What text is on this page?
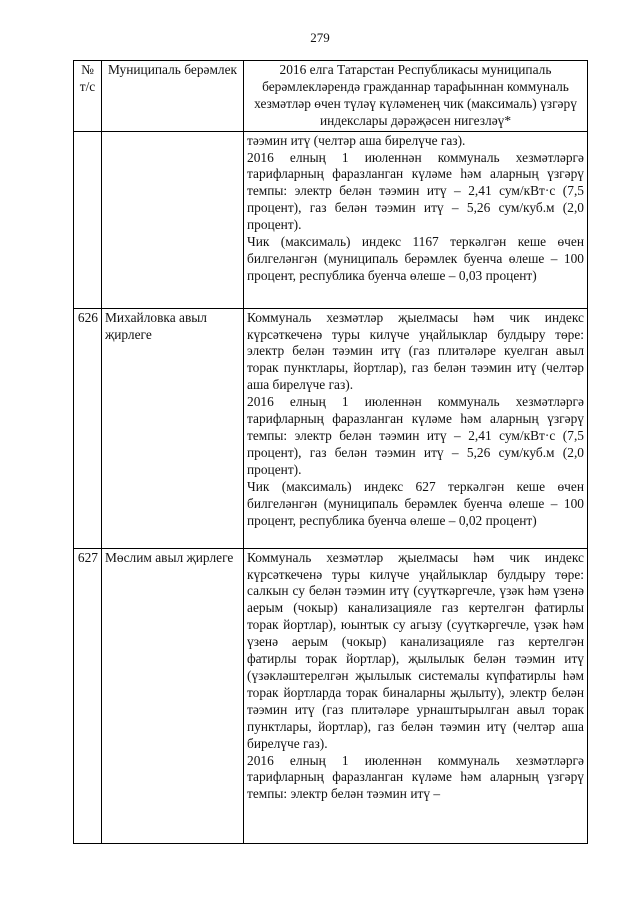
279
№ т/с	Муниципаль берәмлек	2016 елга Татарстан Республикасы муниципаль берәмлекләрендә гражданнар тарафыннан коммуналь хезмәтләр өчен түләү күләменең чик (максималь) үзгәрү индекслары дәрәҗәсен нигезләү*

		тәэмин итү (челтәр аша бирелүче газ).
2016 елның 1 июленнән коммуналь хезмәтләргә тарифларның фаразланган күләме һәм аларның үзгәрү темпы: электр белән тәэмин итү – 2,41 сум/кВт·с (7,5 процент), газ белән тәэмин итү – 5,26 сум/куб.м (2,0 процент).
Чик (максималь) индекс 1167 теркәлгән кеше өчен билгеләнгән (муниципаль берәмлек буенча өлеше – 100 процент, республика буенча өлеше – 0,03 процент)

626	Михайловка авыл җирлеге	Коммуналь хезмәтләр җыелмасы һәм чик индекс күрсәткеченә туры килүче уңайлыклар булдыру төре: электр белән тәэмин итү (газ плитәләре куелган авыл торак пунктлары, йортлар), газ белән тәэмин итү (челтәр аша бирелүче газ).
2016 елның 1 июленнән коммуналь хезмәтләргә тарифларның фаразланган күләме һәм аларның үзгәрү темпы: электр белән тәэмин итү – 2,41 сум/кВт·с (7,5 процент), газ белән тәэмин итү – 5,26 сум/куб.м (2,0 процент).
Чик (максималь) индекс 627 теркәлгән кеше өчен билгеләнгән (муниципаль берәмлек буенча өлеше – 100 процент, республика буенча өлеше – 0,02 процент)

627	Мөслим авыл җирлеге	Коммуналь хезмәтләр җыелмасы һәм чик индекс күрсәткеченә туры килүче уңайлыклар булдыру төре: салкын су белән тәэмин итү (суүткәргечле, үзәк һәм үзенә аерым (чокыр) канализацияле газ кертелгән фатирлы торак йортлар), юынтык су агызу (суүткәргечле, үзәк һәм үзенә аерым (чокыр) канализацияле газ кертелгән фатирлы торак йортлар), җылылык белән тәэмин итү (үзәкләштерелгән җылылык системалы күпфатирлы һәм торак йортларда торак биналарны җылыту), электр белән тәэмин итү (газ плитәләре урнаштырылган авыл торак пунктлары, йортлар), газ белән тәэмин итү (челтәр аша бирелүче газ).
2016 елның 1 июленнән коммуналь хезмәтләргә тарифларның фаразланган күләме һәм аларның үзгәрү темпы: электр белән тәэмин итү –
